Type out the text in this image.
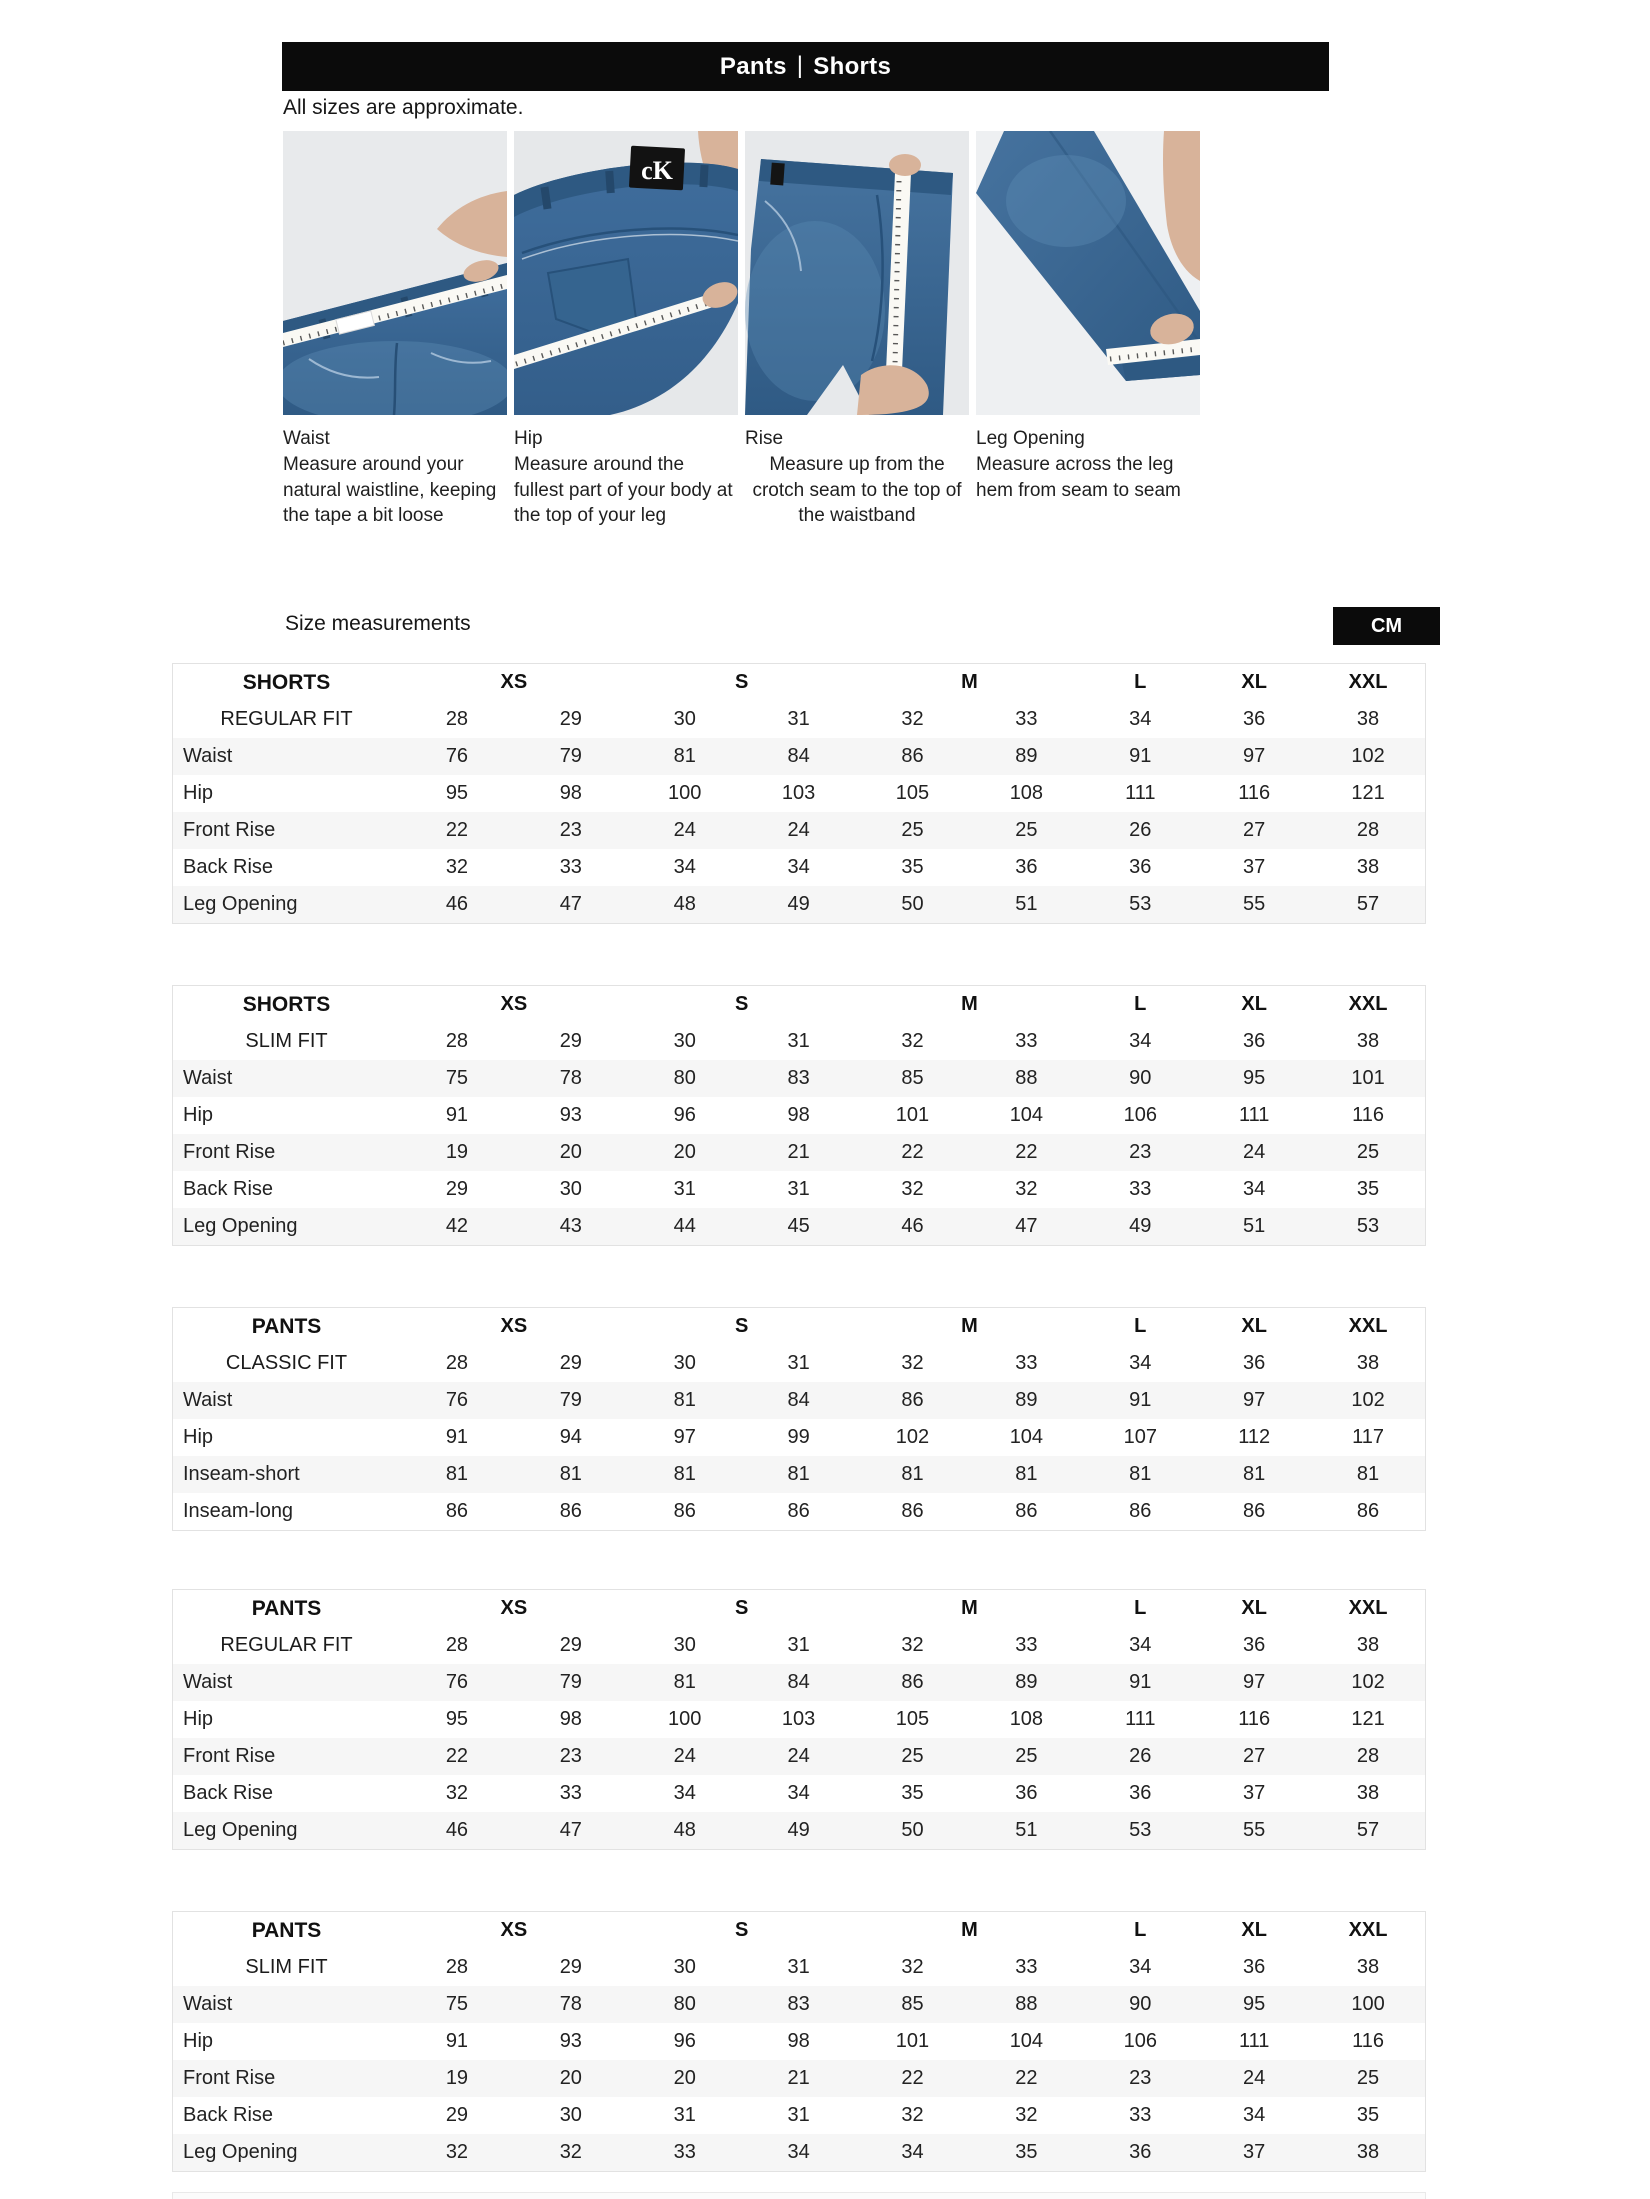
Pants | Shorts
All sizes are approximate.
cK
Waist
Measure around your natural waistline, keeping the tape a bit loose
Hip
Measure around the fullest part of your body at the top of your leg
Rise
Measure up from the crotch seam to the top of the waistband
Leg Opening
Measure across the leg hem from seam to seam
Size measurements	CM
SHORTS	XS	S	M	L	XL	XXL
REGULAR FIT	28	29	30	31	32	33	34	36	38
Waist	76	79	81	84	86	89	91	97	102
Hip	95	98	100	103	105	108	111	116	121
Front Rise	22	23	24	24	25	25	26	27	28
Back Rise	32	33	34	34	35	36	36	37	38
Leg Opening	46	47	48	49	50	51	53	55	57
SHORTS	XS	S	M	L	XL	XXL
SLIM FIT	28	29	30	31	32	33	34	36	38
Waist	75	78	80	83	85	88	90	95	101
Hip	91	93	96	98	101	104	106	111	116
Front Rise	19	20	20	21	22	22	23	24	25
Back Rise	29	30	31	31	32	32	33	34	35
Leg Opening	42	43	44	45	46	47	49	51	53
PANTS	XS	S	M	L	XL	XXL
CLASSIC FIT	28	29	30	31	32	33	34	36	38
Waist	76	79	81	84	86	89	91	97	102
Hip	91	94	97	99	102	104	107	112	117
Inseam-short	81	81	81	81	81	81	81	81	81
Inseam-long	86	86	86	86	86	86	86	86	86
PANTS	XS	S	M	L	XL	XXL
REGULAR FIT	28	29	30	31	32	33	34	36	38
Waist	76	79	81	84	86	89	91	97	102
Hip	95	98	100	103	105	108	111	116	121
Front Rise	22	23	24	24	25	25	26	27	28
Back Rise	32	33	34	34	35	36	36	37	38
Leg Opening	46	47	48	49	50	51	53	55	57
PANTS	XS	S	M	L	XL	XXL
SLIM FIT	28	29	30	31	32	33	34	36	38
Waist	75	78	80	83	85	88	90	95	100
Hip	91	93	96	98	101	104	106	111	116
Front Rise	19	20	20	21	22	22	23	24	25
Back Rise	29	30	31	31	32	32	33	34	35
Leg Opening	32	32	33	34	34	35	36	37	38
